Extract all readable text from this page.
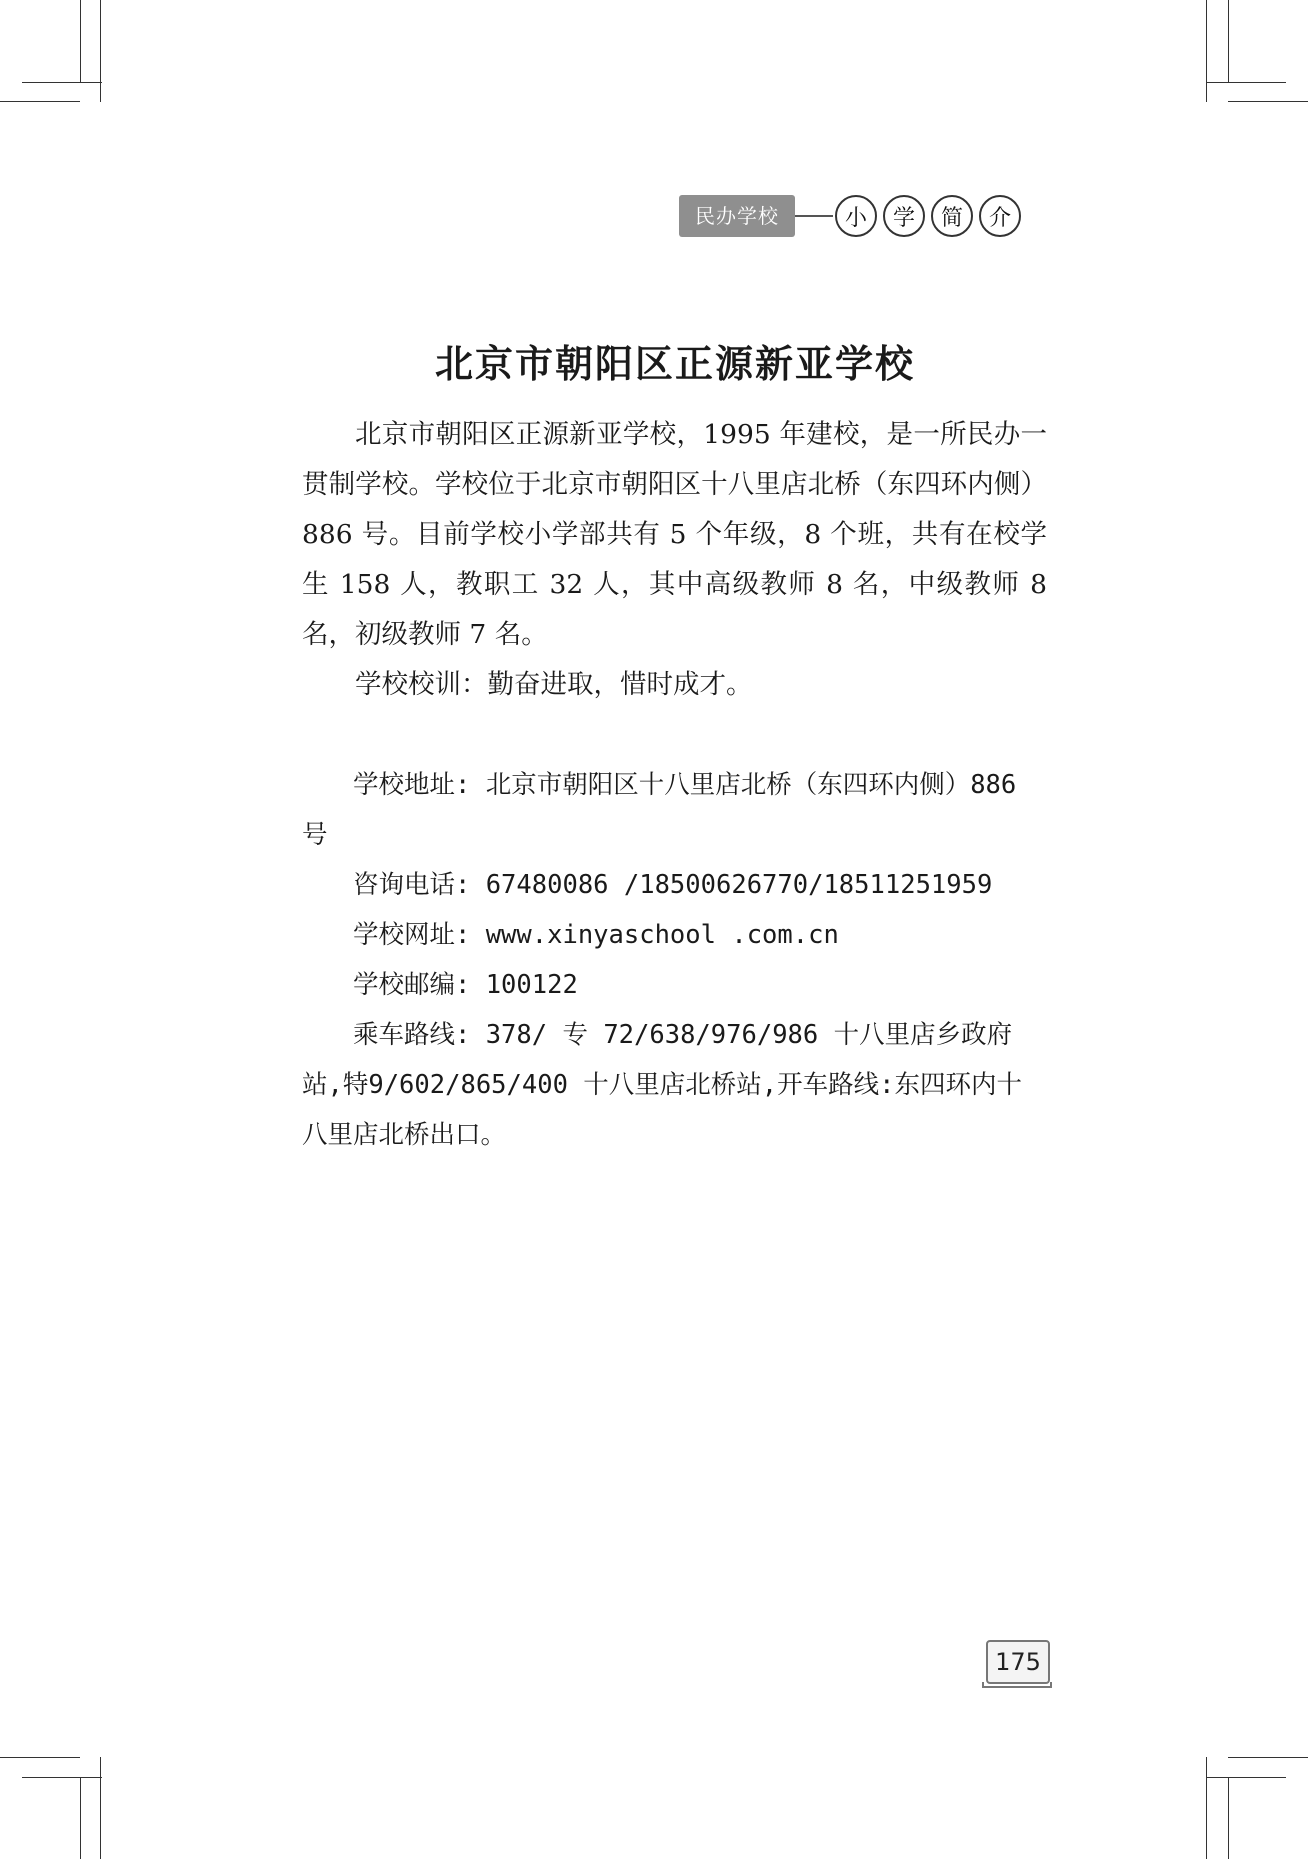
民办学校	小	学	简	介
北京市朝阳区正源新亚学校

北京市朝阳区正源新亚学校，1995 年建校，是一所民办一贯制学校。学校位于北京市朝阳区十八里店北桥（东四环内侧）886 号。目前学校小学部共有 5 个年级，8 个班，共有在校学生 158 人，教职工 32 人，其中高级教师 8 名，中级教师 8 名，初级教师 7 名。

学校校训：勤奋进取，惜时成才。

学校地址: 北京市朝阳区十八里店北桥（东四环内侧）886 号

咨询电话: 67480086 /18500626770/18511251959

学校网址: www.xinyaschool .com.cn

学校邮编: 100122

乘车路线: 378/ 专 72/638/976/986 十八里店乡政府站,特9/602/865/400 十八里店北桥站,开车路线:东四环内十八里店北桥出口。

175
